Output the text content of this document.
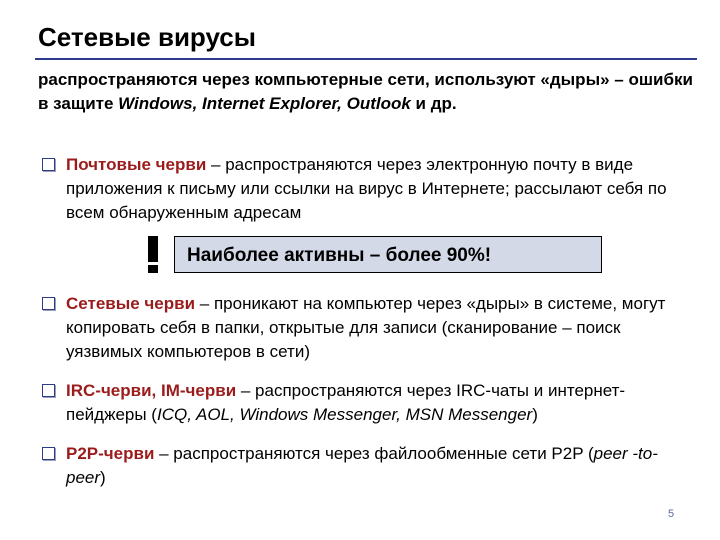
Сетевые вирусы
распространяются через компьютерные сети, используют «дыры» – ошибки в защите Windows, Internet Explorer, Outlook и др.
Почтовые черви – распространяются через электронную почту в виде приложения к письму или ссылки на вирус в Интернете; рассылают себя по всем обнаруженным адресам
Наиболее активны – более 90%!
Сетевые черви – проникают на компьютер через «дыры» в системе, могут копировать себя в папки, открытые для записи (сканирование – поиск уязвимых компьютеров в сети)
IRC-черви, IM-черви – распространяются через IRC-чаты и интернет-пейджеры (ICQ, AOL, Windows Messenger, MSN Messenger)
P2P-черви – распространяются через файлообменные сети P2P (peer -to-peer)
5
